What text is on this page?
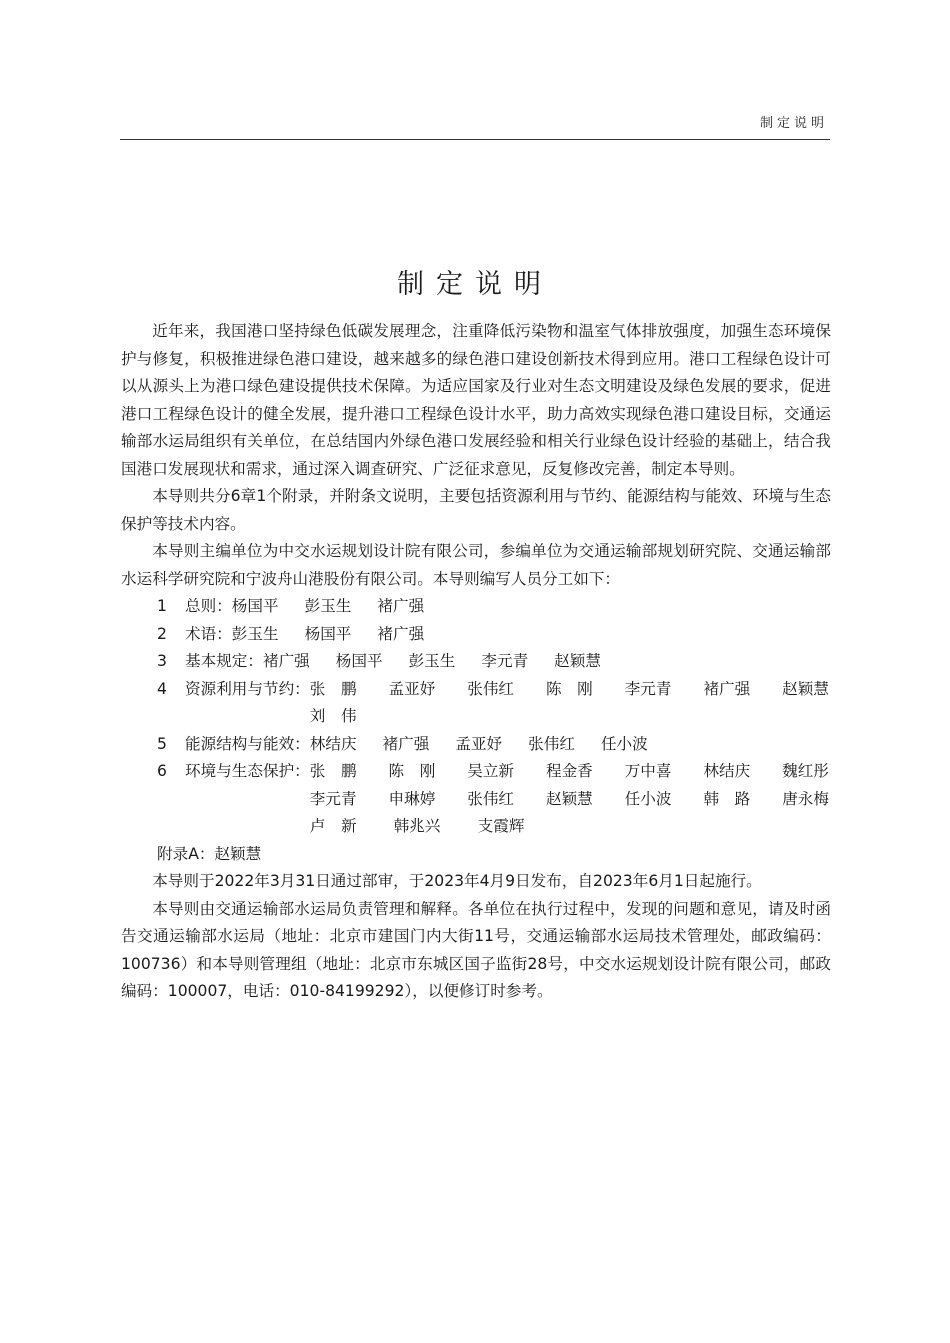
制定说明
制定说明

近年来，我国港口坚持绿色低碳发展理念，注重降低污染物和温室气体排放强度，加强生态环境保护与修复，积极推进绿色港口建设，越来越多的绿色港口建设创新技术得到应用。港口工程绿色设计可以从源头上为港口绿色建设提供技术保障。为适应国家及行业对生态文明建设及绿色发展的要求，促进港口工程绿色设计的健全发展，提升港口工程绿色设计水平，助力高效实现绿色港口建设目标，交通运输部水运局组织有关单位，在总结国内外绿色港口发展经验和相关行业绿色设计经验的基础上，结合我国港口发展现状和需求，通过深入调查研究、广泛征求意见，反复修改完善，制定本导则。

本导则共分6章1个附录，并附条文说明，主要包括资源利用与节约、能源结构与能效、环境与生态保护等技术内容。

本导则主编单位为中交水运规划设计院有限公司，参编单位为交通运输部规划研究院、交通运输部水运科学研究院和宁波舟山港股份有限公司。本导则编写人员分工如下：

1	总则： 杨国平 彭玉生 褚广强
2	术语： 彭玉生 杨国平 褚广强
3	基本规定： 褚广强 杨国平 彭玉生 李元青 赵颖慧
4	资源利用与节约： 张　鹏	孟亚妤	张伟红	陈　刚	李元青	褚广强	赵颖慧
刘　伟
5	能源结构与能效： 林结庆 褚广强 孟亚妤 张伟红 任小波
6	环境与生态保护： 张　鹏	陈　刚	吴立新	程金香	万中喜	林结庆	魏红彤
李元青	申琳婷	张伟红	赵颖慧	任小波	韩　路	唐永梅
卢　新	韩兆兴	支霞辉
附录A：赵颖慧

本导则于2022年3月31日通过部审，于2023年4月9日发布，自2023年6月1日起施行。

本导则由交通运输部水运局负责管理和解释。各单位在执行过程中，发现的问题和意见，请及时函告交通运输部水运局（地址：北京市建国门内大街11号，交通运输部水运局技术管理处，邮政编码：100736）和本导则管理组（地址：北京市东城区国子监街28号，中交水运规划设计院有限公司，邮政编码：100007，电话：010-84199292），以便修订时参考。
